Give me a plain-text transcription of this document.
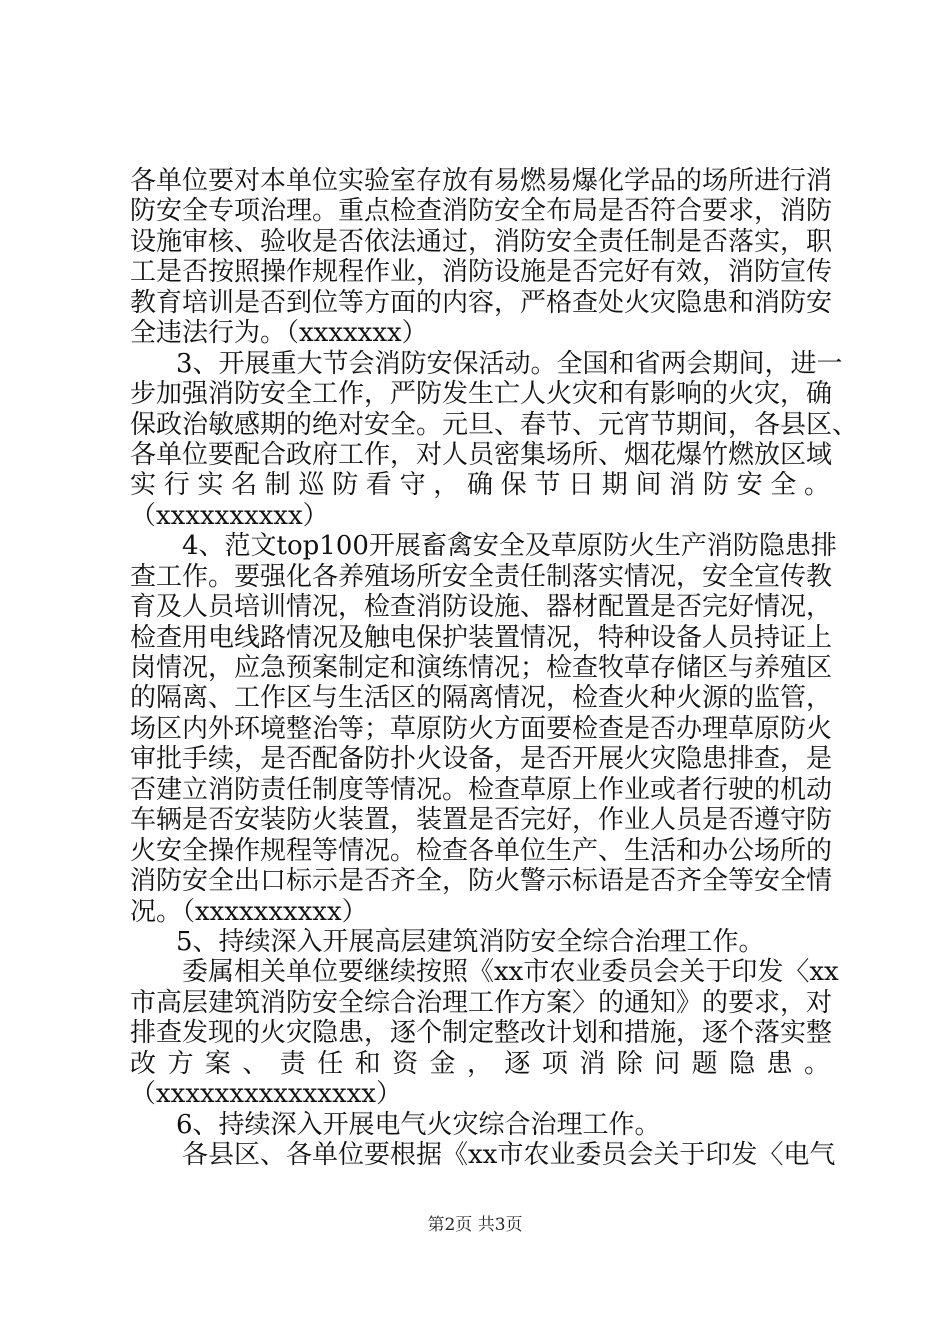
各单位要对本单位实验室存放有易燃易爆化学品的场所进行消
防安全专项治理。重点检查消防安全布局是否符合要求，消防
设施审核、验收是否依法通过，消防安全责任制是否落实，职
工是否按照操作规程作业，消防设施是否完好有效，消防宣传
教育培训是否到位等方面的内容，严格查处火灾隐患和消防安
全违法行为。（xxxxxxx）
3、开展重大节会消防安保活动。全国和省两会期间，进一
步加强消防安全工作，严防发生亡人火灾和有影响的火灾，确
保政治敏感期的绝对安全。元旦、春节、元宵节期间，各县区、
各单位要配合政府工作，对人员密集场所、烟花爆竹燃放区域
实行实名制巡防看守，确保节日期间消防安全。
（xxxxxxxxxx）
4、范文top100开展畜禽安全及草原防火生产消防隐患排
查工作。要强化各养殖场所安全责任制落实情况，安全宣传教
育及人员培训情况，检查消防设施、器材配置是否完好情况，
检查用电线路情况及触电保护装置情况，特种设备人员持证上
岗情况，应急预案制定和演练情况；检查牧草存储区与养殖区
的隔离、工作区与生活区的隔离情况，检查火种火源的监管，
场区内外环境整治等；草原防火方面要检查是否办理草原防火
审批手续，是否配备防扑火设备，是否开展火灾隐患排查，是
否建立消防责任制度等情况。检查草原上作业或者行驶的机动
车辆是否安装防火装置，装置是否完好，作业人员是否遵守防
火安全操作规程等情况。检查各单位生产、生活和办公场所的
消防安全出口标示是否齐全，防火警示标语是否齐全等安全情
况。（xxxxxxxxxx）
5、持续深入开展高层建筑消防安全综合治理工作。
委属相关单位要继续按照《xx市农业委员会关于印发〈xx
市高层建筑消防安全综合治理工作方案〉的通知》的要求，对
排查发现的火灾隐患，逐个制定整改计划和措施，逐个落实整
改方案、责任和资金，逐项消除问题隐患。
（xxxxxxxxxxxxxxx）
6、持续深入开展电气火灾综合治理工作。
各县区、各单位要根据《xx市农业委员会关于印发〈电气
第2页 共3页
